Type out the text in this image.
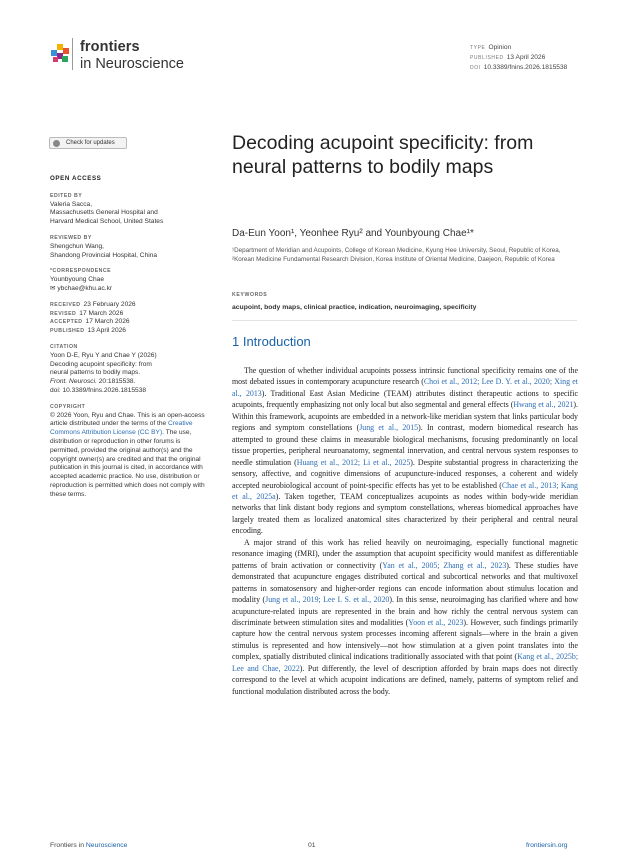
frontiers
in Neuroscience
TYPE Opinion
PUBLISHED 13 April 2026
DOI 10.3389/fnins.2026.1815538
Check for updates
OPEN ACCESS
EDITED BY
Valeria Sacca,
Massachusetts General Hospital and
Harvard Medical School, United States
REVIEWED BY
Shengchun Wang,
Shandong Provincial Hospital, China
*CORRESPONDENCE
Younbyoung Chae
✉ ybchae@khu.ac.kr
RECEIVED 23 February 2026
REVISED 17 March 2026
ACCEPTED 17 March 2026
PUBLISHED 13 April 2026
CITATION
Yoon D-E, Ryu Y and Chae Y (2026)
Decoding acupoint specificity: from
neural patterns to bodily maps.
Front. Neurosci. 20:1815538.
doi: 10.3389/fnins.2026.1815538
COPYRIGHT
© 2026 Yoon, Ryu and Chae. This is an open-access article distributed under the terms of the Creative Commons Attribution License (CC BY). The use, distribution or reproduction in other forums is permitted, provided the original author(s) and the copyright owner(s) are credited and that the original publication in this journal is cited, in accordance with accepted academic practice. No use, distribution or reproduction is permitted which does not comply with these terms.
Decoding acupoint specificity: from neural patterns to bodily maps
Da-Eun Yoon¹, Yeonhee Ryu² and Younbyoung Chae¹*
¹Department of Meridian and Acupoints, College of Korean Medicine, Kyung Hee University, Seoul, Republic of Korea, ²Korean Medicine Fundamental Research Division, Korea Institute of Oriental Medicine, Daejeon, Republic of Korea
KEYWORDS
acupoint, body maps, clinical practice, indication, neuroimaging, specificity
1 Introduction

The question of whether individual acupoints possess intrinsic functional specificity remains one of the most debated issues in contemporary acupuncture research (Choi et al., 2012; Lee D. Y. et al., 2020; Xing et al., 2013). Traditional East Asian Medicine (TEAM) attributes distinct therapeutic actions to specific acupoints, frequently emphasizing not only local but also segmental and general effects (Hwang et al., 2021). Within this framework, acupoints are embedded in a network-like meridian system that links particular body regions and symptom constellations (Jung et al., 2015). In contrast, modern biomedical research has attempted to ground these claims in measurable biological mechanisms, focusing predominantly on local tissue properties, peripheral neuroanatomy, segmental innervation, and central nervous system responses to needle stimulation (Huang et al., 2012; Li et al., 2025). Despite substantial progress in characterizing the sensory, affective, and cognitive dimensions of acupuncture-induced responses, a coherent and widely accepted neurobiological account of point-specific effects has yet to be established (Chae et al., 2013; Kang et al., 2025a). Taken together, TEAM conceptualizes acupoints as nodes within body-wide meridian networks that link distant body regions and symptom constellations, whereas biomedical approaches have largely treated them as localized anatomical sites characterized by their peripheral and central neural encoding.

A major strand of this work has relied heavily on neuroimaging, especially functional magnetic resonance imaging (fMRI), under the assumption that acupoint specificity would manifest as differentiable patterns of brain activation or connectivity (Yan et al., 2005; Zhang et al., 2023). These studies have demonstrated that acupuncture engages distributed cortical and subcortical networks and that multivoxel patterns in somatosensory and higher-order regions can encode information about stimulus location and modality (Jung et al., 2019; Lee I. S. et al., 2020). In this sense, neuroimaging has clarified where and how acupuncture-related inputs are represented in the brain and how richly the central nervous system can discriminate between stimulation sites and modalities (Yoon et al., 2023). However, such findings primarily capture how the central nervous system processes incoming afferent signals—where in the brain a given stimulus is represented and how intensively—not how stimulation at a given point translates into the complex, spatially distributed clinical indications traditionally associated with that point (Kang et al., 2025b; Lee and Chae, 2022). Put differently, the level of description afforded by brain maps does not directly correspond to the level at which acupoint indications are defined, namely, patterns of symptom relief and functional modulation distributed across the body.

Frontiers in Neuroscience	01	frontiersin.org
